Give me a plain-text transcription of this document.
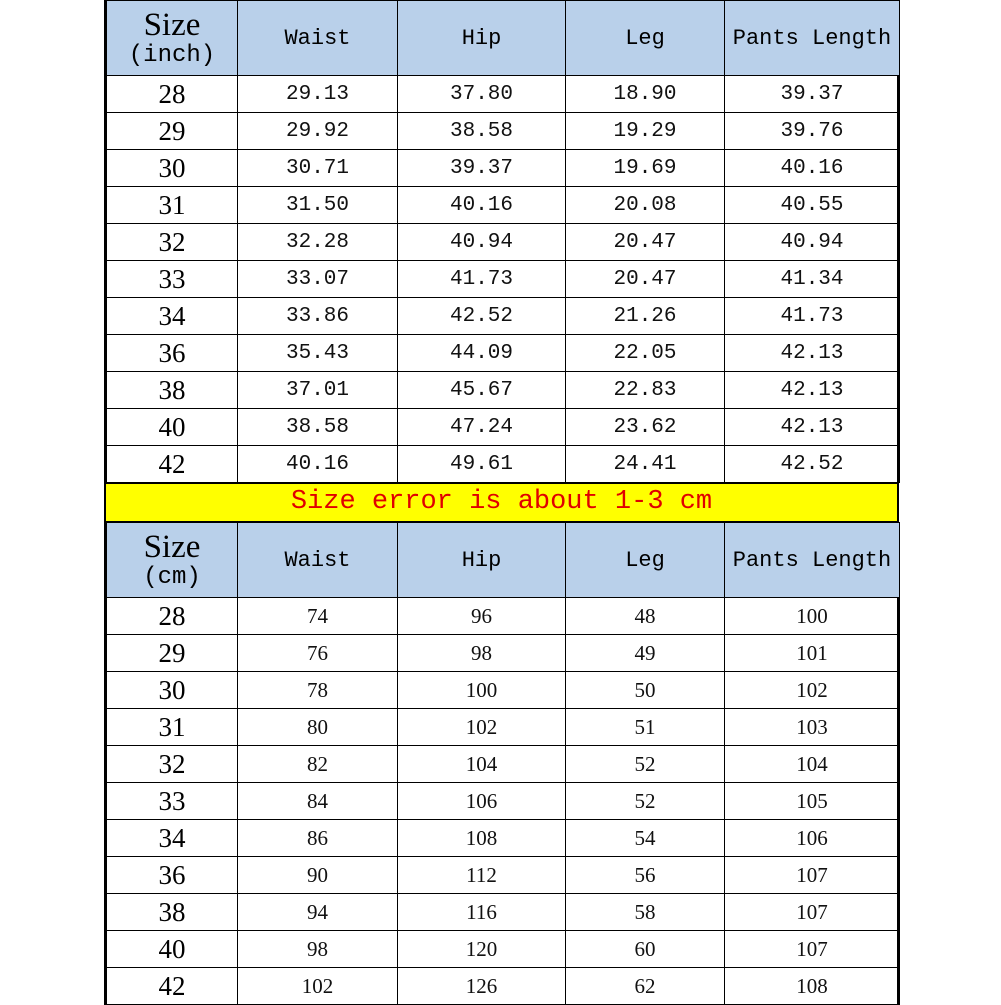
Size
(inch)	Waist	Hip	Leg	Pants Length
28	29.13	37.80	18.90	39.37
29	29.92	38.58	19.29	39.76
30	30.71	39.37	19.69	40.16
31	31.50	40.16	20.08	40.55
32	32.28	40.94	20.47	40.94
33	33.07	41.73	20.47	41.34
34	33.86	42.52	21.26	41.73
36	35.43	44.09	22.05	42.13
38	37.01	45.67	22.83	42.13
40	38.58	47.24	23.62	42.13
42	40.16	49.61	24.41	42.52
Size error is about 1-3 cm
Size
(cm)	Waist	Hip	Leg	Pants Length
28	74	96	48	100
29	76	98	49	101
30	78	100	50	102
31	80	102	51	103
32	82	104	52	104
33	84	106	52	105
34	86	108	54	106
36	90	112	56	107
38	94	116	58	107
40	98	120	60	107
42	102	126	62	108
